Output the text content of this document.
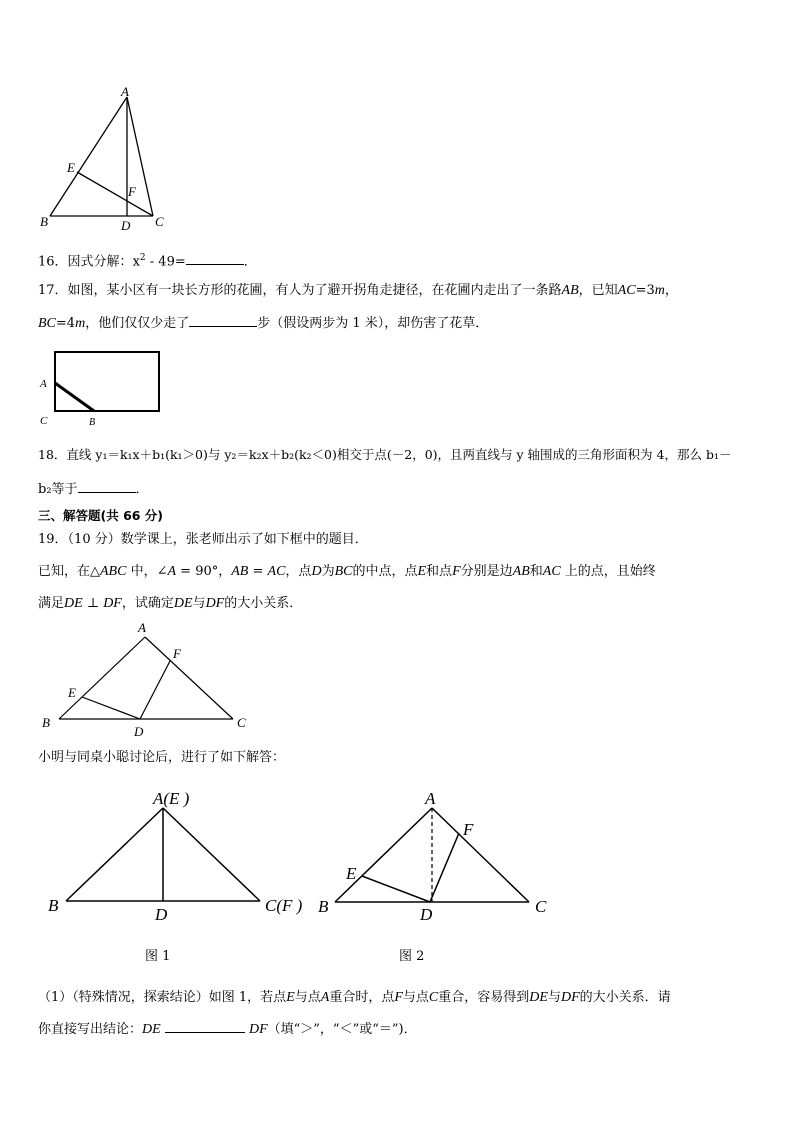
A
B	C
D
E
F
16．因式分解：$x^2 - 49=$	．
17．如图，某小区有一块长方形的花圃，有人为了避开拐角走捷径，在花圃内走出了一条路AB，已知AC=3m，
BC=4m，他们仅仅少走了	步（假设两步为 1 米），却伤害了花草．
A
C	B
18．直线 y₁＝k₁x＋b₁(k₁＞0)与 y₂＝k₂x＋b₂(k₂＜0)相交于点(－2，0)，且两直线与 y 轴围成的三角形面积为 4，那么 b₁－
b₂等于	．
三、解答题(共 66 分)
19．（10 分）数学课上，张老师出示了如下框中的题目．
已知，在△ABC 中，∠A = 90°，AB = AC，点D为BC的中点，点E和点F分别是边AB和AC 上的点，且始终
满足DE ⊥ DF，试确定DE与DF的大小关系．
A
B	C
D
E
F
小明与同桌小聪讨论后，进行了如下解答：
A(E )
B	D	C(F )
图 1
A
B	C
D
E
F
图 2
（1）（特殊情况，探索结论）如图 1，若点E与点A重合时，点F与点C重合，容易得到DE与DF的大小关系．请
你直接写出结论：DE	DF（填“＞”，“＜”或“＝”)．
